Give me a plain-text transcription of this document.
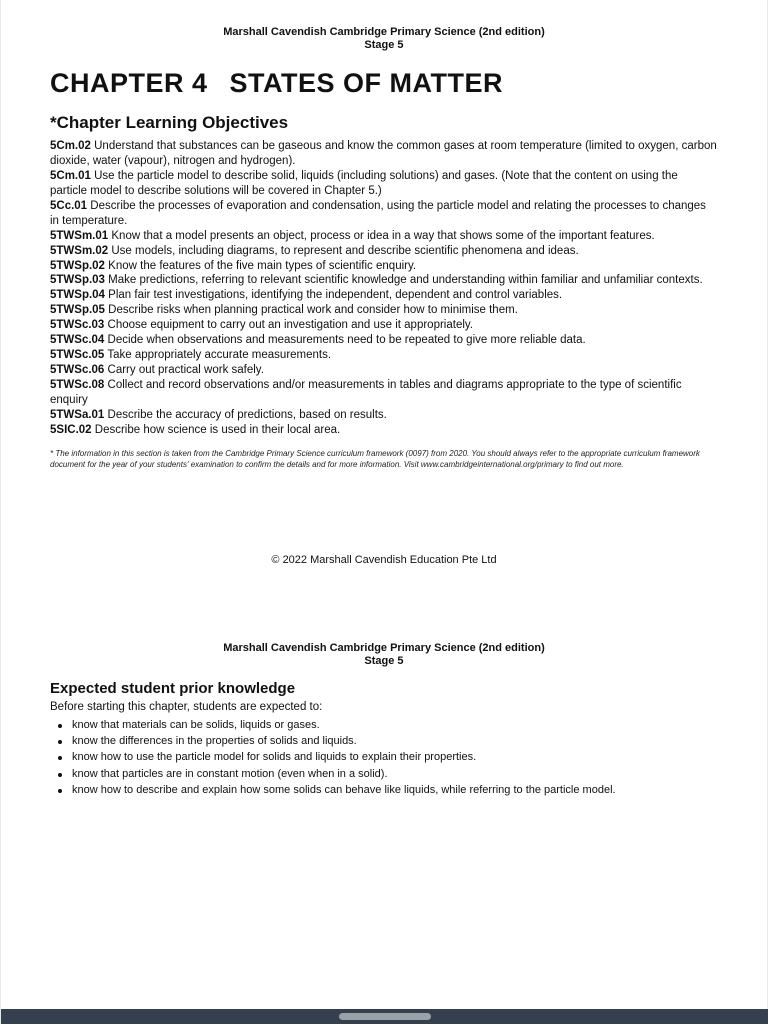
Marshall Cavendish Cambridge Primary Science (2nd edition)
Stage 5
CHAPTER 4 STATES OF MATTER
*Chapter Learning Objectives
5Cm.02 Understand that substances can be gaseous and know the common gases at room temperature (limited to oxygen, carbon dioxide, water (vapour), nitrogen and hydrogen).
5Cm.01 Use the particle model to describe solid, liquids (including solutions) and gases. (Note that the content on using the particle model to describe solutions will be covered in Chapter 5.)
5Cc.01 Describe the processes of evaporation and condensation, using the particle model and relating the processes to changes in temperature.
5TWSm.01 Know that a model presents an object, process or idea in a way that shows some of the important features.
5TWSm.02 Use models, including diagrams, to represent and describe scientific phenomena and ideas.
5TWSp.02 Know the features of the five main types of scientific enquiry.
5TWSp.03 Make predictions, referring to relevant scientific knowledge and understanding within familiar and unfamiliar contexts.
5TWSp.04 Plan fair test investigations, identifying the independent, dependent and control variables.
5TWSp.05 Describe risks when planning practical work and consider how to minimise them.
5TWSc.03 Choose equipment to carry out an investigation and use it appropriately.
5TWSc.04 Decide when observations and measurements need to be repeated to give more reliable data.
5TWSc.05 Take appropriately accurate measurements.
5TWSc.06 Carry out practical work safely.
5TWSc.08 Collect and record observations and/or measurements in tables and diagrams appropriate to the type of scientific enquiry
5TWSa.01 Describe the accuracy of predictions, based on results.
5SIC.02 Describe how science is used in their local area.

* The information in this section is taken from the Cambridge Primary Science curriculum framework (0097) from 2020. You should always refer to the appropriate curriculum framework document for the year of your students' examination to confirm the details and for more information. Visit www.cambridgeinternational.org/primary to find out more.

© 2022 Marshall Cavendish Education Pte Ltd
Marshall Cavendish Cambridge Primary Science (2nd edition)
Stage 5
Expected student prior knowledge
Before starting this chapter, students are expected to:
know that materials can be solids, liquids or gases.
know the differences in the properties of solids and liquids.
know how to use the particle model for solids and liquids to explain their properties.
know that particles are in constant motion (even when in a solid).
know how to describe and explain how some solids can behave like liquids, while referring to the particle model.
